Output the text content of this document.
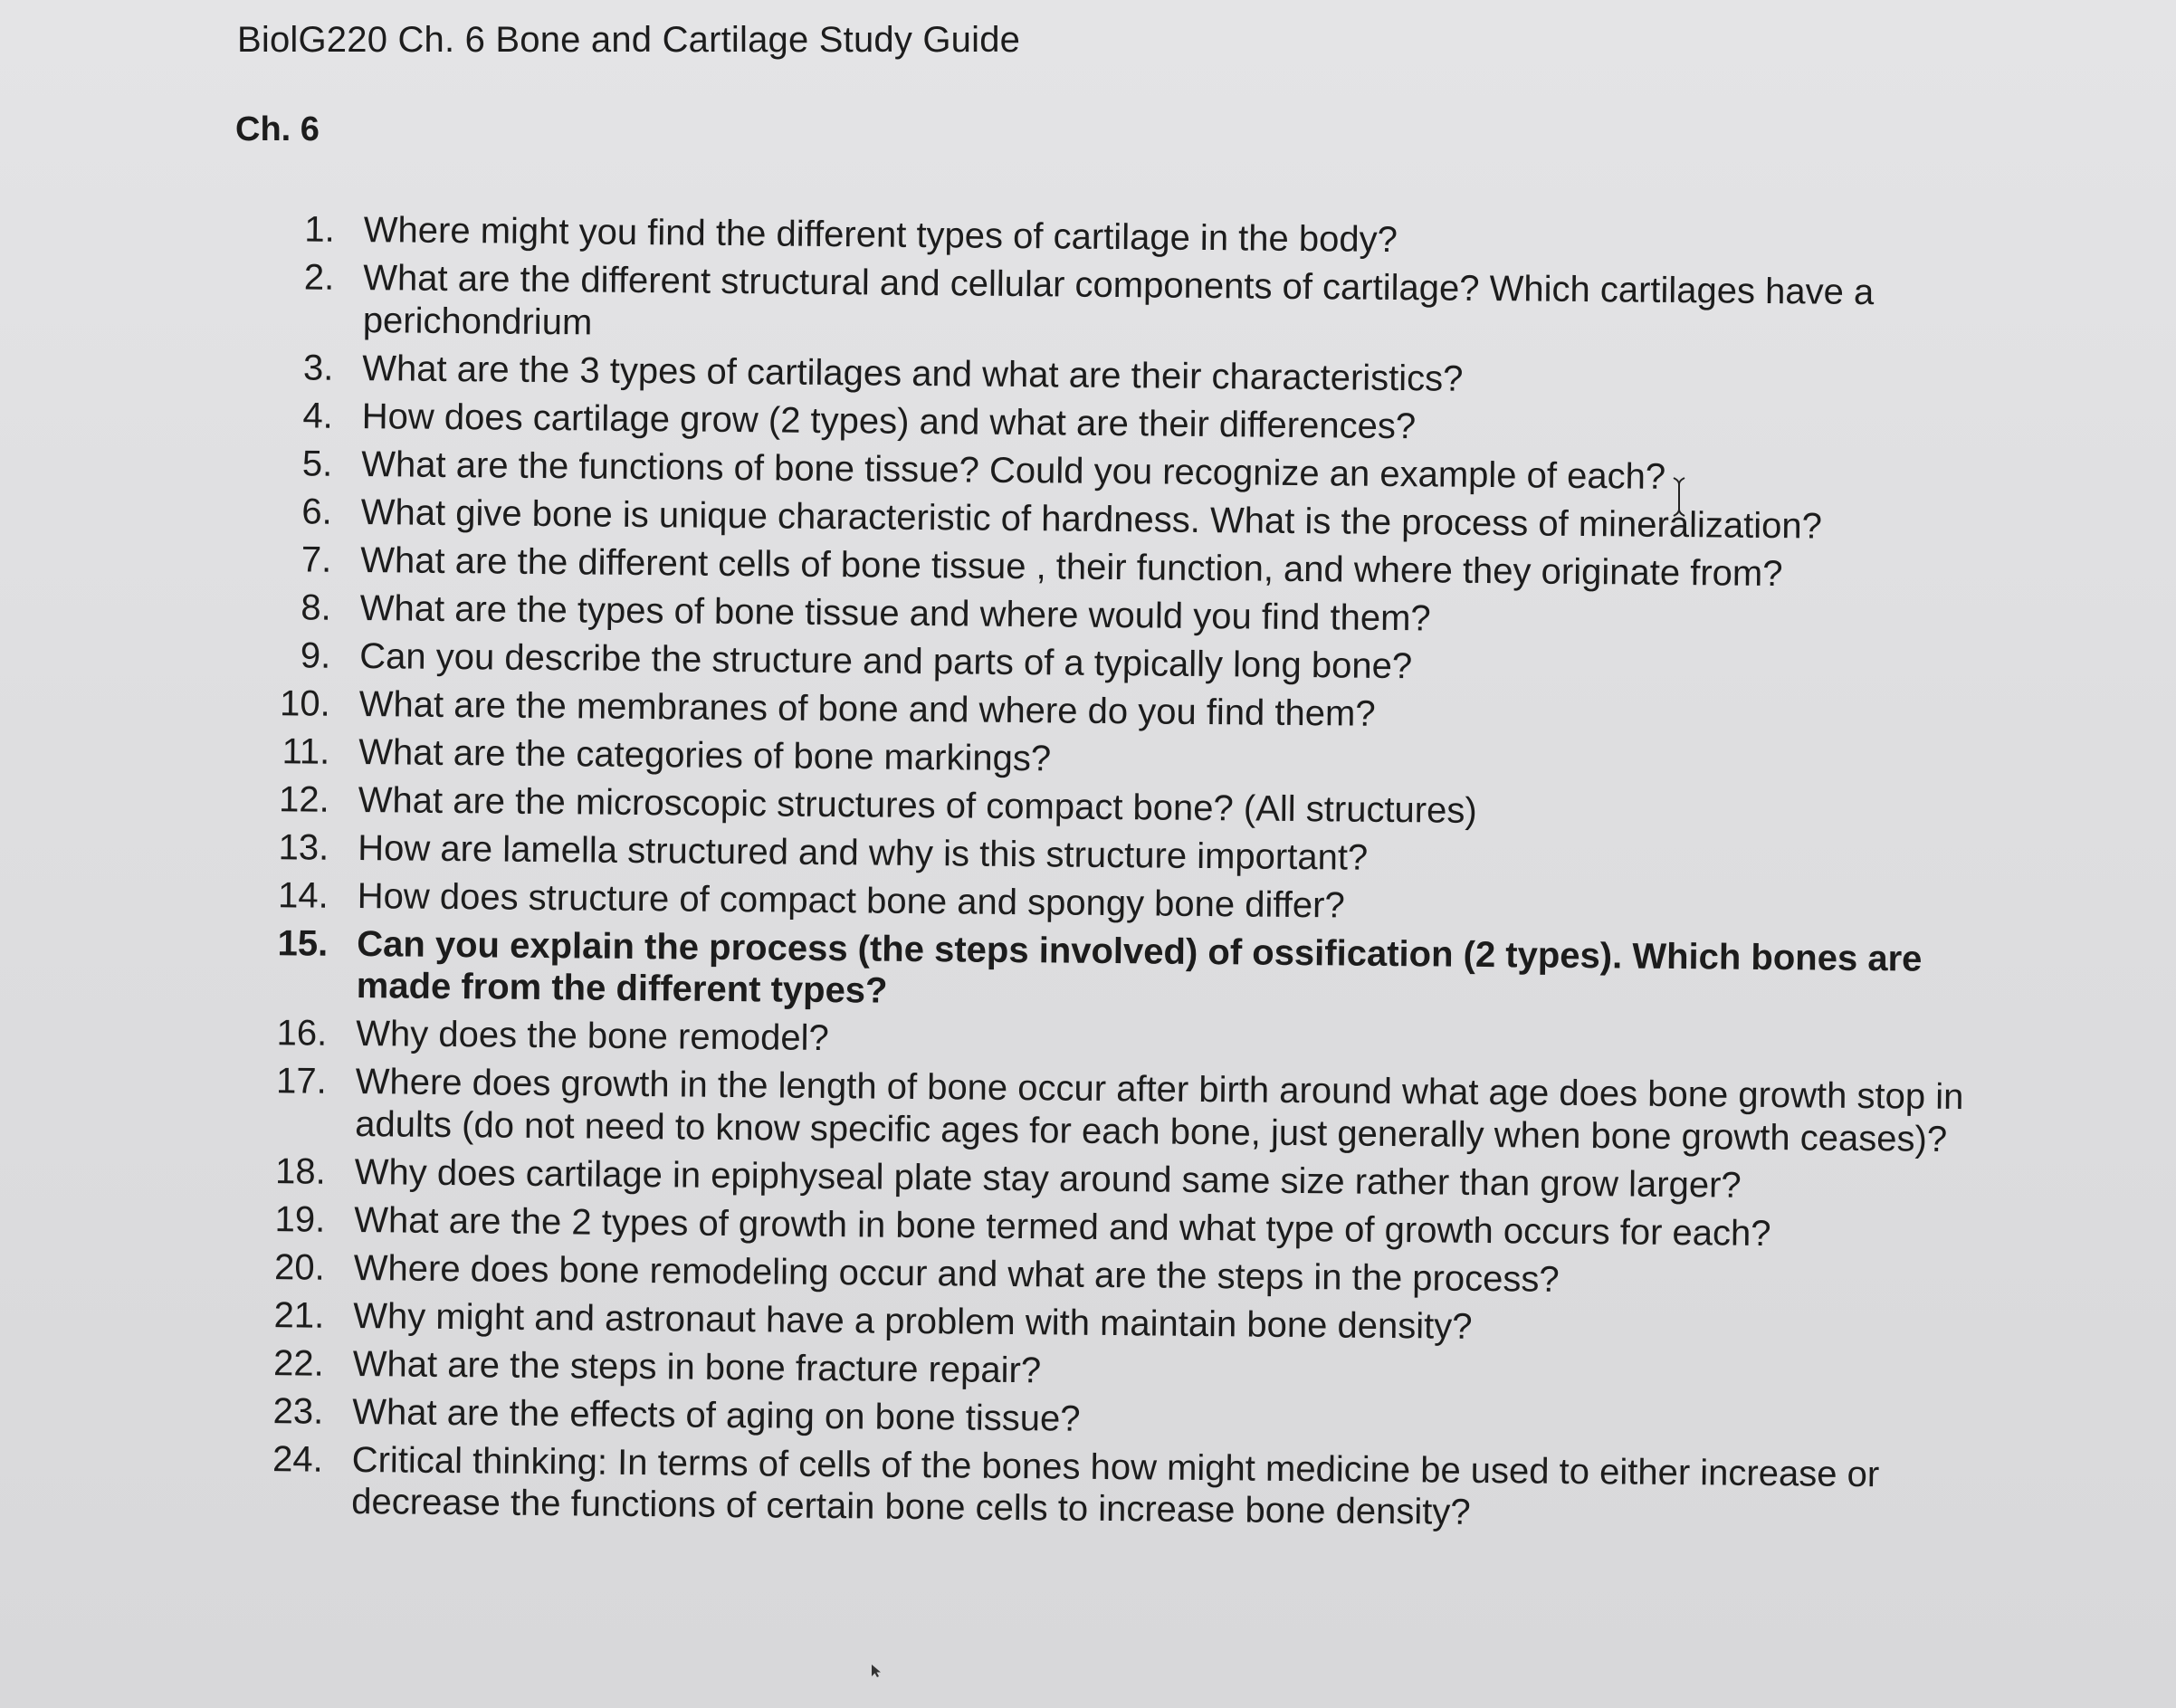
BiolG220 Ch. 6 Bone and Cartilage Study Guide
Ch. 6
1. Where might you find the different types of cartilage in the body?
2. What are the different structural and cellular components of cartilage? Which cartilages have a perichondrium
3. What are the 3 types of cartilages and what are their characteristics?
4. How does cartilage grow (2 types) and what are their differences?
5. What are the functions of bone tissue? Could you recognize an example of each?
6. What give bone is unique characteristic of hardness. What is the process of mineralization?
7. What are the different cells of bone tissue , their function, and where they originate from?
8. What are the types of bone tissue and where would you find them?
9. Can you describe the structure and parts of a typically long bone?
10. What are the membranes of bone and where do you find them?
11. What are the categories of bone markings?
12. What are the microscopic structures of compact bone? (All structures)
13. How are lamella structured and why is this structure important?
14. How does structure of compact bone and spongy bone differ?
15. Can you explain the process (the steps involved) of ossification (2 types). Which bones are made from the different types?
16. Why does the bone remodel?
17. Where does growth in the length of bone occur after birth around what age does bone growth stop in adults (do not need to know specific ages for each bone, just generally when bone growth ceases)?
18. Why does cartilage in epiphyseal plate stay around same size rather than grow larger?
19. What are the 2 types of growth in bone termed and what type of growth occurs for each?
20. Where does bone remodeling occur and what are the steps in the process?
21. Why might and astronaut have a problem with maintain bone density?
22. What are the steps in bone fracture repair?
23. What are the effects of aging on bone tissue?
24. Critical thinking: In terms of cells of the bones how might medicine be used to either increase or decrease the functions of certain bone cells to increase bone density?
